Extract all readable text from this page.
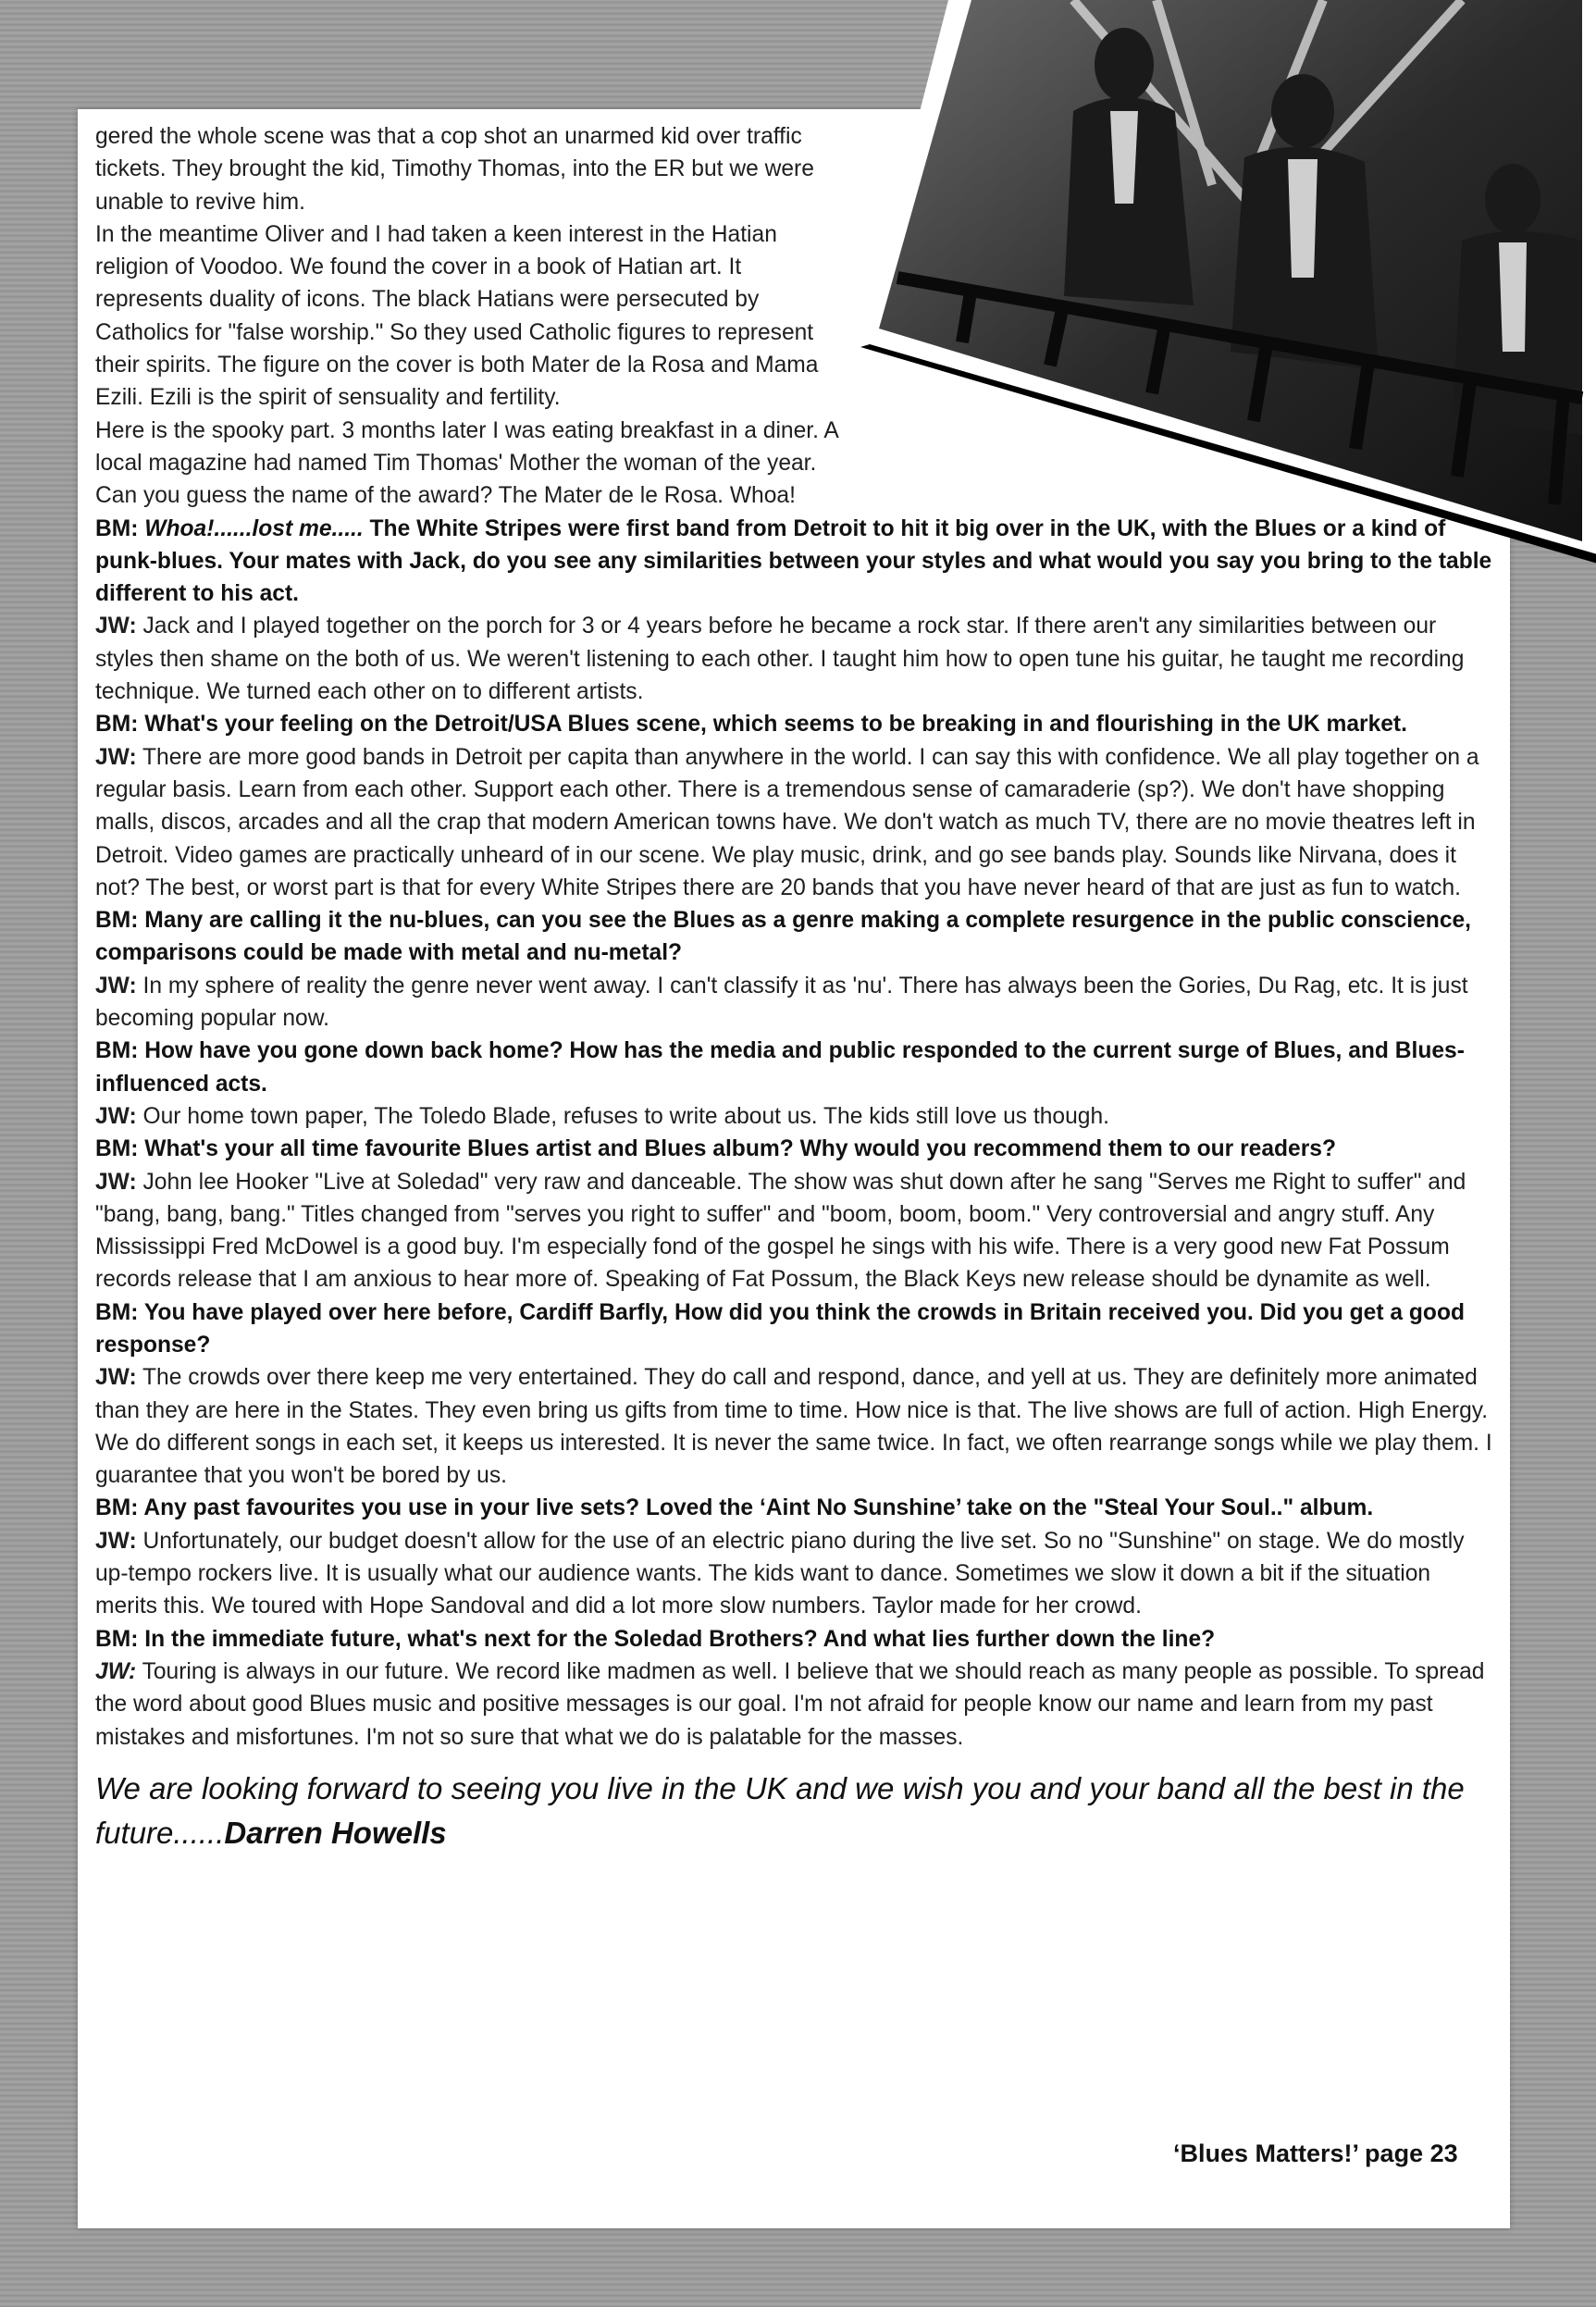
gered the whole scene was that a cop shot an unarmed kid over traffic tickets. They brought the kid, Timothy Thomas, into the ER but we were unable to revive him.

In the meantime Oliver and I had taken a keen interest in the Hatian religion of Voodoo. We found the cover in a book of Hatian art. It represents duality of icons. The black Hatians were persecuted by Catholics for "false worship." So they used Catholic figures to represent their spirits. The figure on the cover is both Mater de la Rosa and Mama Ezili. Ezili is the spirit of sensuality and fertility.

Here is the spooky part. 3 months later I was eating breakfast in a diner. A local magazine had named Tim Thomas' Mother the woman of the year. Can you guess the name of the award? The Mater de le Rosa. Whoa!

BM: Whoa!......lost me..... The White Stripes were first band from Detroit to hit it big over in the UK, with the Blues or a kind of punk-blues. Your mates with Jack, do you see any similarities between your styles and what would you say you bring to the table different to his act.

JW: Jack and I played together on the porch for 3 or 4 years before he became a rock star. If there aren't any similarities between our styles then shame on the both of us. We weren't listening to each other. I taught him how to open tune his guitar, he taught me recording technique. We turned each other on to different artists.

BM: What's your feeling on the Detroit/USA Blues scene, which seems to be breaking in and flourishing in the UK market.

JW: There are more good bands in Detroit per capita than anywhere in the world. I can say this with confidence. We all play together on a regular basis. Learn from each other. Support each other. There is a tremendous sense of camaraderie (sp?). We don't have shopping malls, discos, arcades and all the crap that modern American towns have. We don't watch as much TV, there are no movie theatres left in Detroit. Video games are practically unheard of in our scene. We play music, drink, and go see bands play. Sounds like Nirvana, does it not? The best, or worst part is that for every White Stripes there are 20 bands that you have never heard of that are just as fun to watch.

BM: Many are calling it the nu-blues, can you see the Blues as a genre making a complete resurgence in the public conscience, comparisons could be made with metal and nu-metal?

JW: In my sphere of reality the genre never went away. I can't classify it as 'nu'. There has always been the Gories, Du Rag, etc. It is just becoming popular now.

BM: How have you gone down back home? How has the media and public responded to the current surge of Blues, and Blues-influenced acts.

JW: Our home town paper, The Toledo Blade, refuses to write about us. The kids still love us though.

BM: What's your all time favourite Blues artist and Blues album? Why would you recommend them to our readers?

JW: John lee Hooker "Live at Soledad" very raw and danceable. The show was shut down after he sang "Serves me Right to suffer" and "bang, bang, bang." Titles changed from "serves you right to suffer" and "boom, boom, boom." Very controversial and angry stuff. Any Mississippi Fred McDowel is a good buy. I'm especially fond of the gospel he sings with his wife. There is a very good new Fat Possum records release that I am anxious to hear more of. Speaking of Fat Possum, the Black Keys new release should be dynamite as well.

BM: You have played over here before, Cardiff Barfly, How did you think the crowds in Britain received you. Did you get a good response?

JW: The crowds over there keep me very entertained. They do call and respond, dance, and yell at us. They are definitely more animated than they are here in the States. They even bring us gifts from time to time. How nice is that. The live shows are full of action. High Energy. We do different songs in each set, it keeps us interested. It is never the same twice. In fact, we often rearrange songs while we play them. I guarantee that you won't be bored by us.

BM: Any past favourites you use in your live sets? Loved the ‘Aint No Sunshine’ take on the "Steal Your Soul.." album.

JW: Unfortunately, our budget doesn't allow for the use of an electric piano during the live set. So no "Sunshine" on stage. We do mostly up-tempo rockers live. It is usually what our audience wants. The kids want to dance. Sometimes we slow it down a bit if the situation merits this. We toured with Hope Sandoval and did a lot more slow numbers. Taylor made for her crowd.

BM: In the immediate future, what's next for the Soledad Brothers? And what lies further down the line?

JW: Touring is always in our future. We record like madmen as well. I believe that we should reach as many people as possible. To spread the word about good Blues music and positive messages is our goal. I'm not afraid for people know our name and learn from my past mistakes and misfortunes. I'm not so sure that what we do is palatable for the masses.

We are looking forward to seeing you live in the UK and we wish you and your band all the best in the future......Darren Howells

‘Blues Matters!’ page 23
